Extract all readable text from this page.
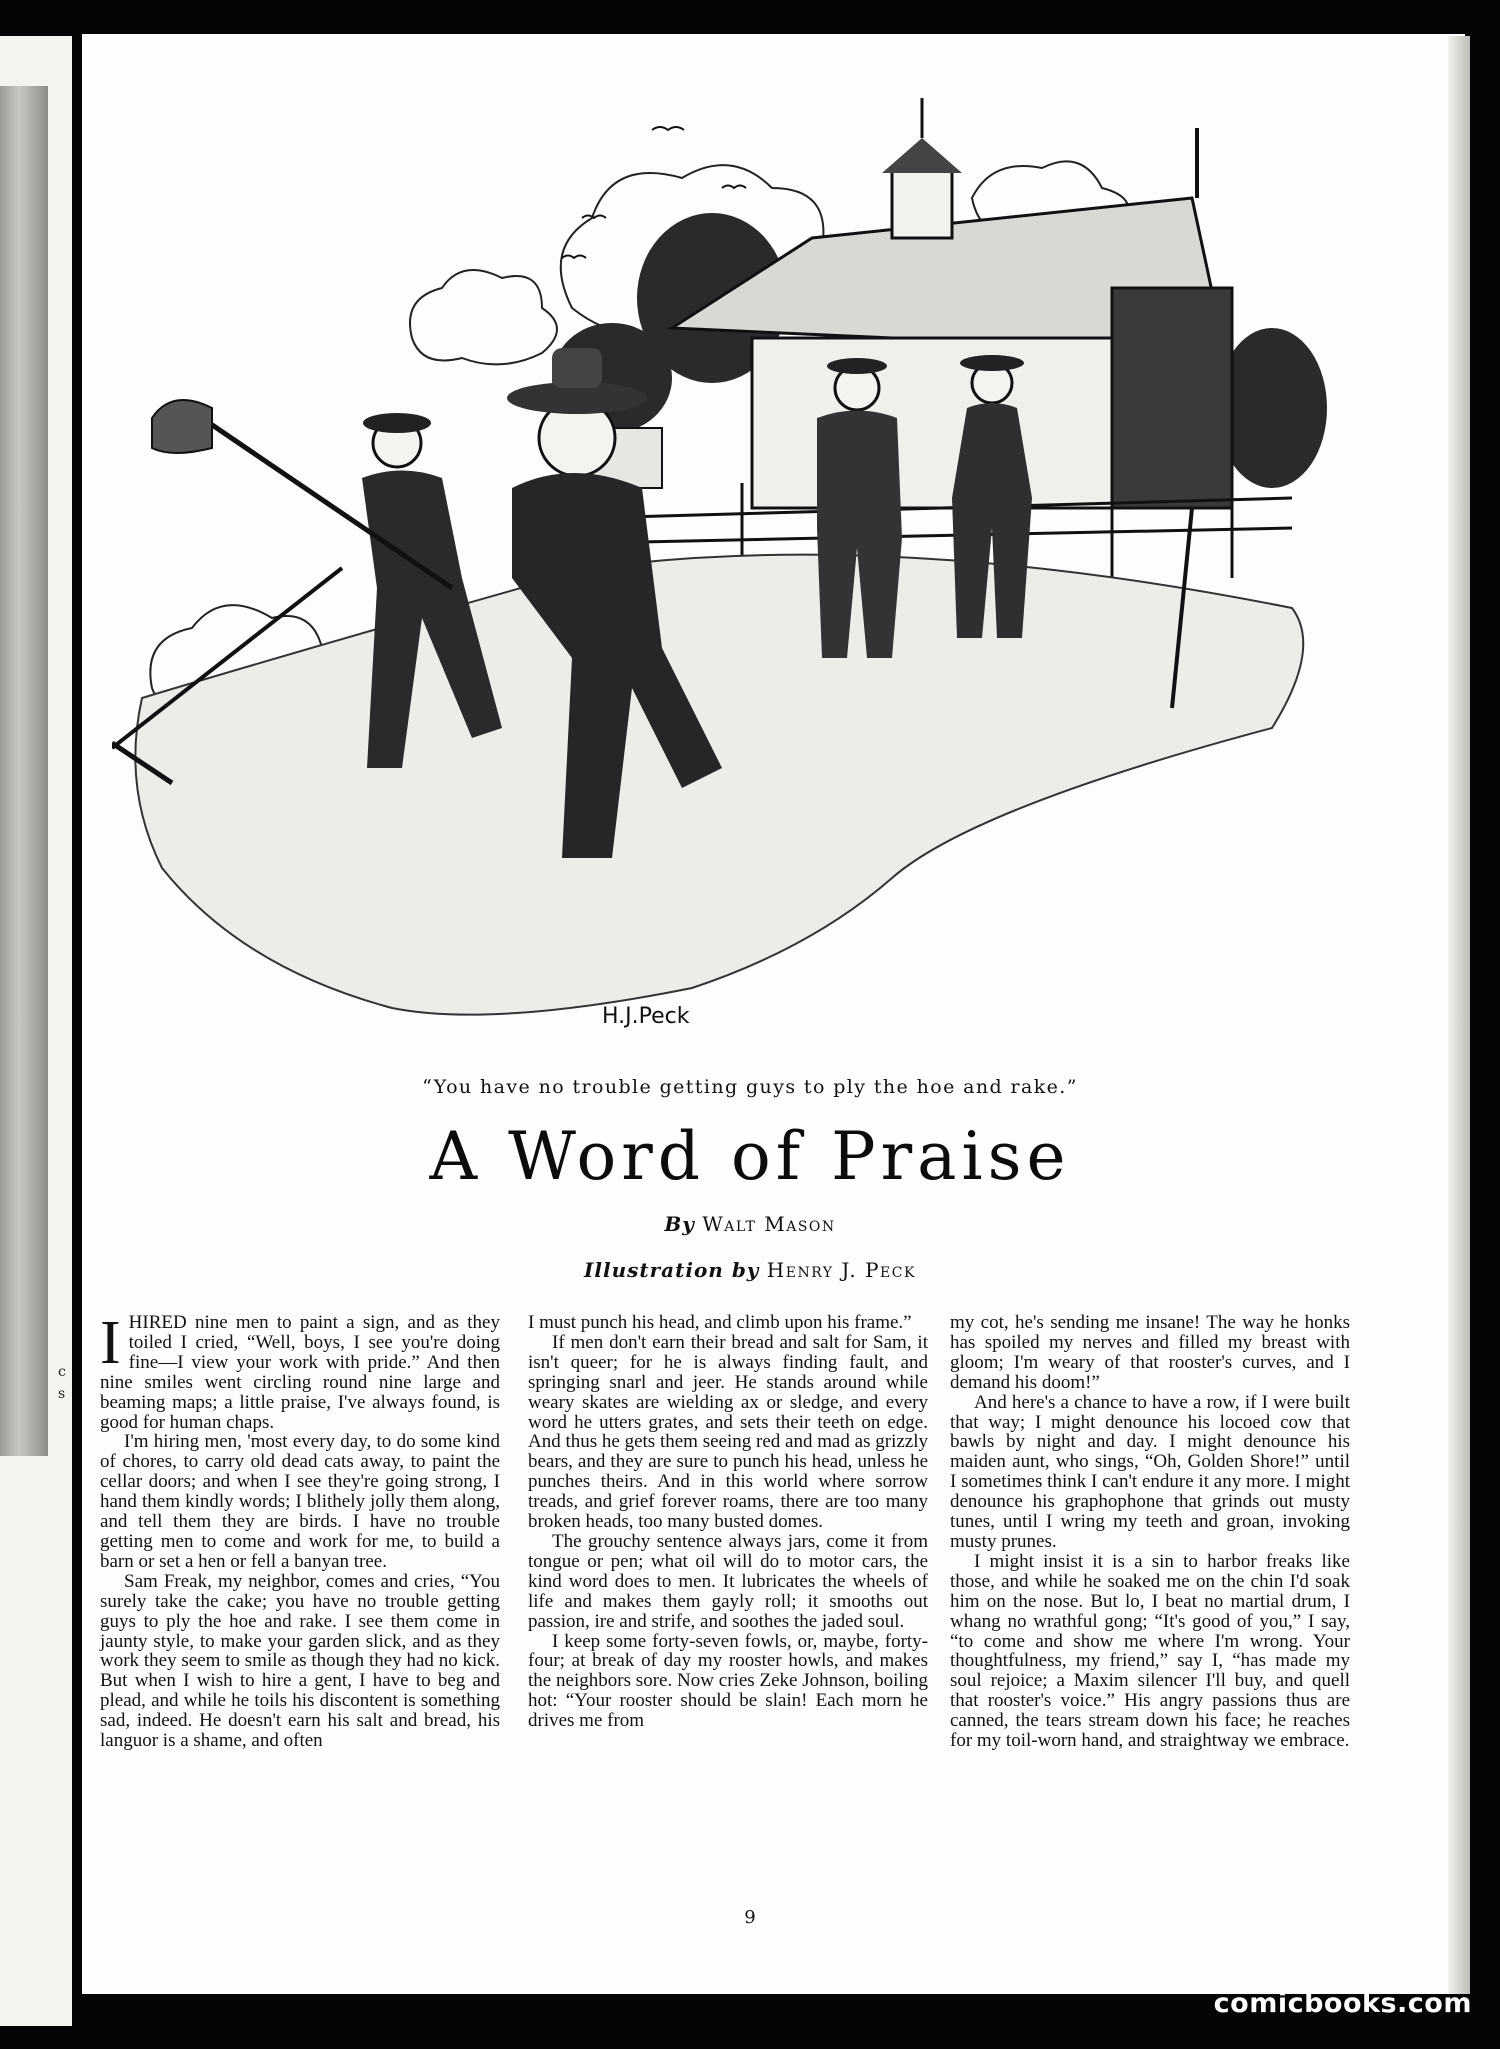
c
s
H.J.Peck
“You have no trouble getting guys to ply the hoe and rake.”
A Word of Praise
By Walt Mason
Illustration by Henry J. Peck
I HIRED nine men to paint a sign, and as they toiled I cried, “Well, boys, I see you're doing fine—I view your work with pride.” And then nine smiles went circling round nine large and beaming maps; a little praise, I've always found, is good for human chaps.

I'm hiring men, 'most every day, to do some kind of chores, to carry old dead cats away, to paint the cellar doors; and when I see they're going strong, I hand them kindly words; I blithely jolly them along, and tell them they are birds. I have no trouble getting men to come and work for me, to build a barn or set a hen or fell a banyan tree.

Sam Freak, my neighbor, comes and cries, “You surely take the cake; you have no trouble getting guys to ply the hoe and rake. I see them come in jaunty style, to make your garden slick, and as they work they seem to smile as though they had no kick. But when I wish to hire a gent, I have to beg and plead, and while he toils his discontent is something sad, indeed. He doesn't earn his salt and bread, his languor is a shame, and often

I must punch his head, and climb upon his frame.”

If men don't earn their bread and salt for Sam, it isn't queer; for he is always finding fault, and springing snarl and jeer. He stands around while weary skates are wielding ax or sledge, and every word he utters grates, and sets their teeth on edge. And thus he gets them seeing red and mad as grizzly bears, and they are sure to punch his head, unless he punches theirs. And in this world where sorrow treads, and grief forever roams, there are too many broken heads, too many busted domes.

The grouchy sentence always jars, come it from tongue or pen; what oil will do to motor cars, the kind word does to men. It lubricates the wheels of life and makes them gayly roll; it smooths out passion, ire and strife, and soothes the jaded soul.

I keep some forty-seven fowls, or, maybe, forty-four; at break of day my rooster howls, and makes the neighbors sore. Now cries Zeke Johnson, boiling hot: “Your rooster should be slain! Each morn he drives me from

my cot, he's sending me insane! The way he honks has spoiled my nerves and filled my breast with gloom; I'm weary of that rooster's curves, and I demand his doom!”

And here's a chance to have a row, if I were built that way; I might denounce his locoed cow that bawls by night and day. I might denounce his maiden aunt, who sings, “Oh, Golden Shore!” until I sometimes think I can't endure it any more. I might denounce his graphophone that grinds out musty tunes, until I wring my teeth and groan, invoking musty prunes.

I might insist it is a sin to harbor freaks like those, and while he soaked me on the chin I'd soak him on the nose. But lo, I beat no martial drum, I whang no wrathful gong; “It's good of you,” I say, “to come and show me where I'm wrong. Your thoughtfulness, my friend,” say I, “has made my soul rejoice; a Maxim silencer I'll buy, and quell that rooster's voice.” His angry passions thus are canned, the tears stream down his face; he reaches for my toil-worn hand, and straightway we embrace.

9
comicbooks.com
